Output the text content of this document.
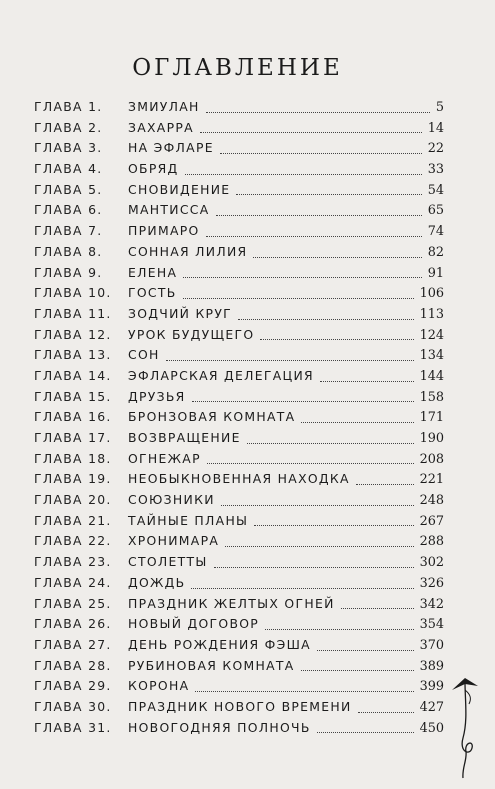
ОГЛАВЛЕНИЕ
ГЛАВА 1.	ЗМИУЛАН	5
ГЛАВА 2.	ЗАХАРРА	14
ГЛАВА 3.	НА ЭФЛАРЕ	22
ГЛАВА 4.	ОБРЯД	33
ГЛАВА 5.	СНОВИДЕНИЕ	54
ГЛАВА 6.	МАНТИССА	65
ГЛАВА 7.	ПРИМАРО	74
ГЛАВА 8.	СОННАЯ ЛИЛИЯ	82
ГЛАВА 9.	ЕЛЕНА	91
ГЛАВА 10.	ГОСТЬ	106
ГЛАВА 11.	ЗОДЧИЙ КРУГ	113
ГЛАВА 12.	УРОК БУДУЩЕГО	124
ГЛАВА 13.	СОН	134
ГЛАВА 14.	ЭФЛАРСКАЯ ДЕЛЕГАЦИЯ	144
ГЛАВА 15.	ДРУЗЬЯ	158
ГЛАВА 16.	БРОНЗОВАЯ КОМНАТА	171
ГЛАВА 17.	ВОЗВРАЩЕНИЕ	190
ГЛАВА 18.	ОГНЕЖАР	208
ГЛАВА 19.	НЕОБЫКНОВЕННАЯ НАХОДКА	221
ГЛАВА 20.	СОЮЗНИКИ	248
ГЛАВА 21.	ТАЙНЫЕ ПЛАНЫ	267
ГЛАВА 22.	ХРОНИМАРА	288
ГЛАВА 23.	СТОЛЕТТЫ	302
ГЛАВА 24.	ДОЖДЬ	326
ГЛАВА 25.	ПРАЗДНИК ЖЕЛТЫХ ОГНЕЙ	342
ГЛАВА 26.	НОВЫЙ ДОГОВОР	354
ГЛАВА 27.	ДЕНЬ РОЖДЕНИЯ ФЭША	370
ГЛАВА 28.	РУБИНОВАЯ КОМНАТА	389
ГЛАВА 29.	КОРОНА	399
ГЛАВА 30.	ПРАЗДНИК НОВОГО ВРЕМЕНИ	427
ГЛАВА 31.	НОВОГОДНЯЯ ПОЛНОЧЬ	450
